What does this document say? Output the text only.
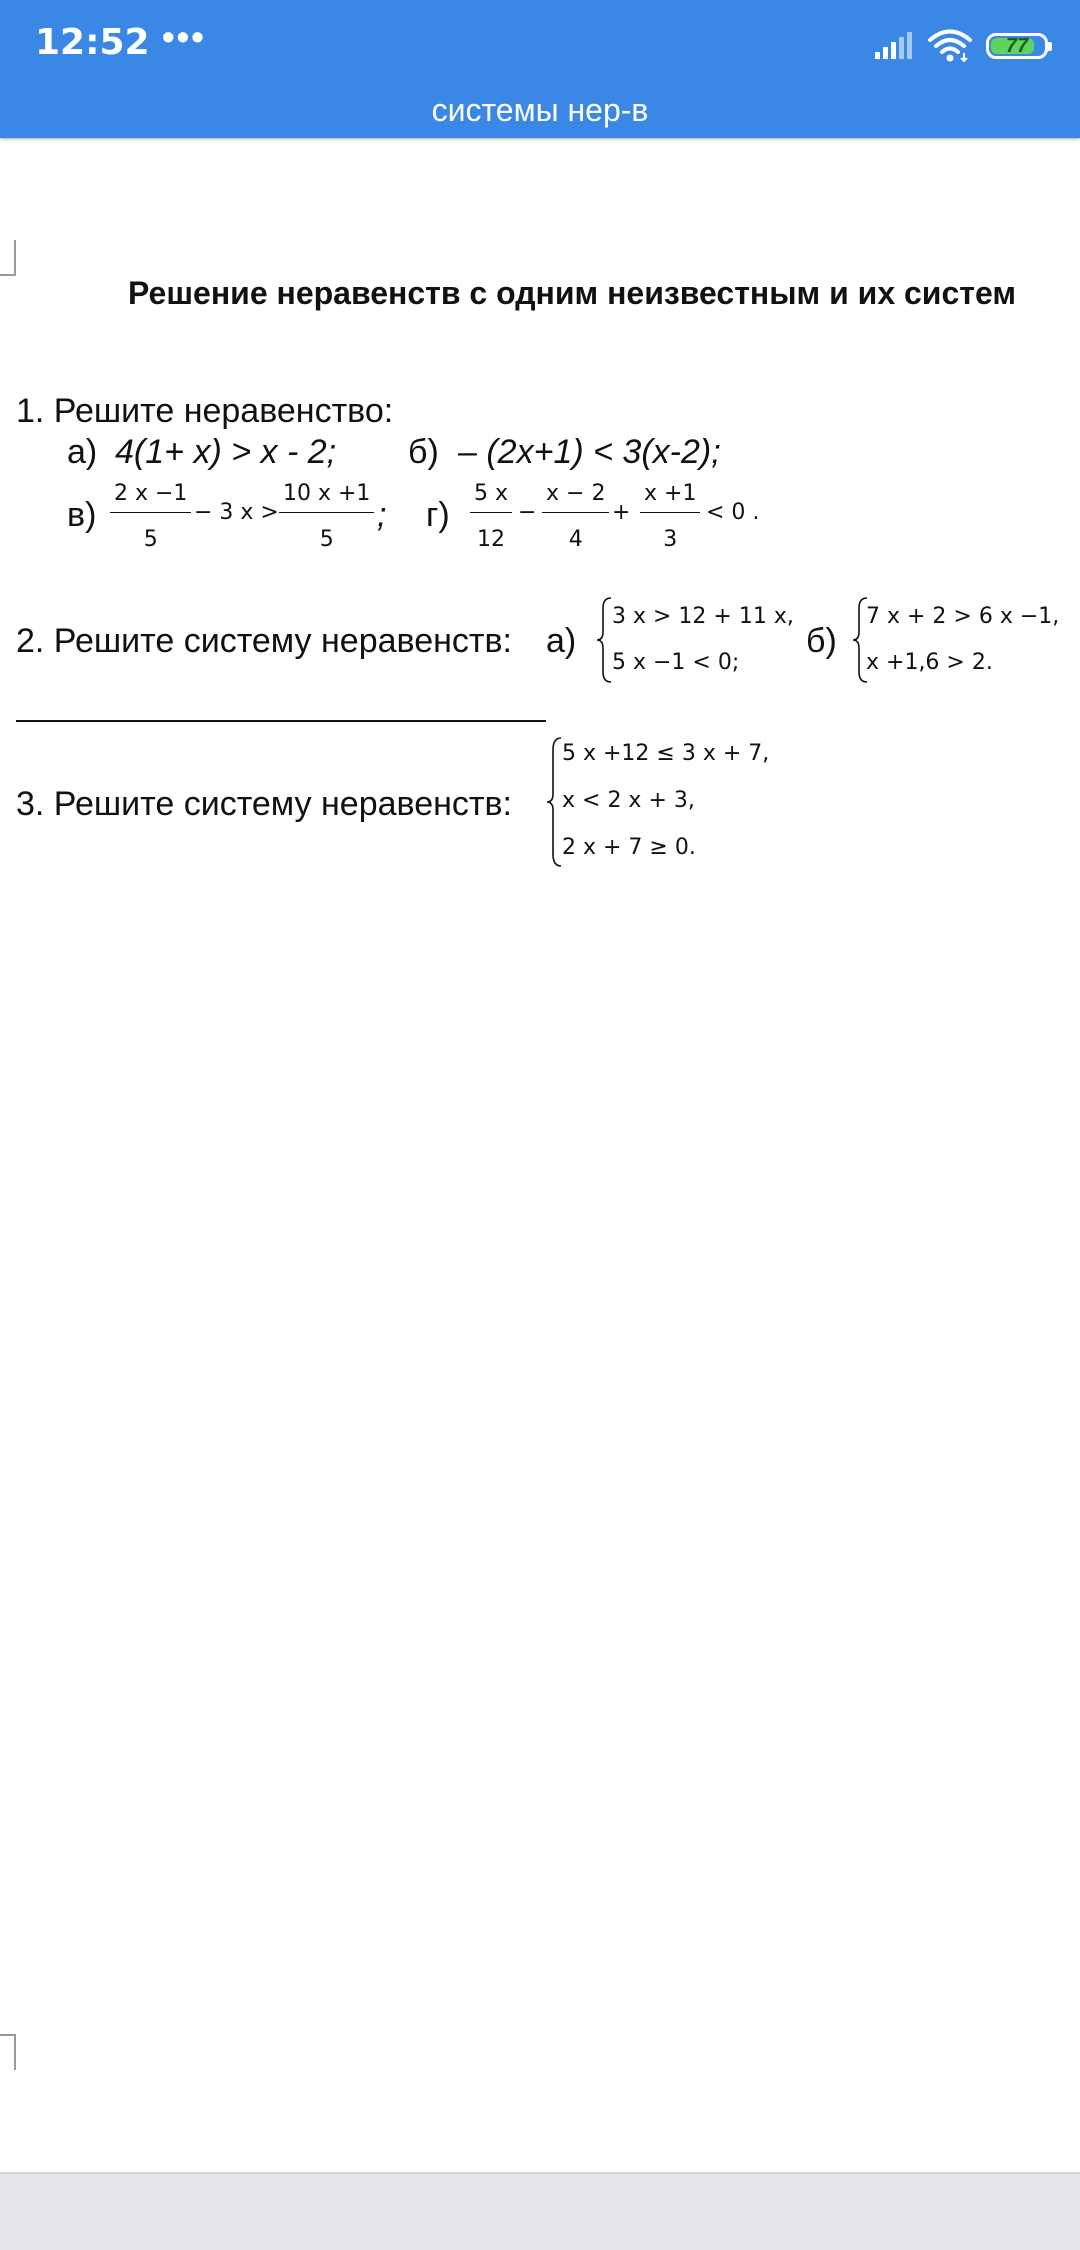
12:52 •••	77
системы нер-в
Решение неравенств с одним неизвестным и их систем
1. Решите неравенство:
а) 4(1+ x) > x - 2; б) – (2x+1) < 3(x-2);
$в) \frac{2 x -1}{5} - 3$ $x > \frac{10 x +1}{5}$ ; $г) \frac{5 x}{12} - \frac{x - 2}{4} + \frac{x +1}{3} < 0$ .
2. Решите систему неравенств: а)
3 x > 12 + 11 x,
5 x −1 < 0;
б)
7 x + 2 > 6 x −1,
x +1,6 > 2.
3. Решите систему неравенств:
5 x +12 ≤ 3 x + 7,
x < 2 x + 3,
2 x + 7 ≥ 0.
